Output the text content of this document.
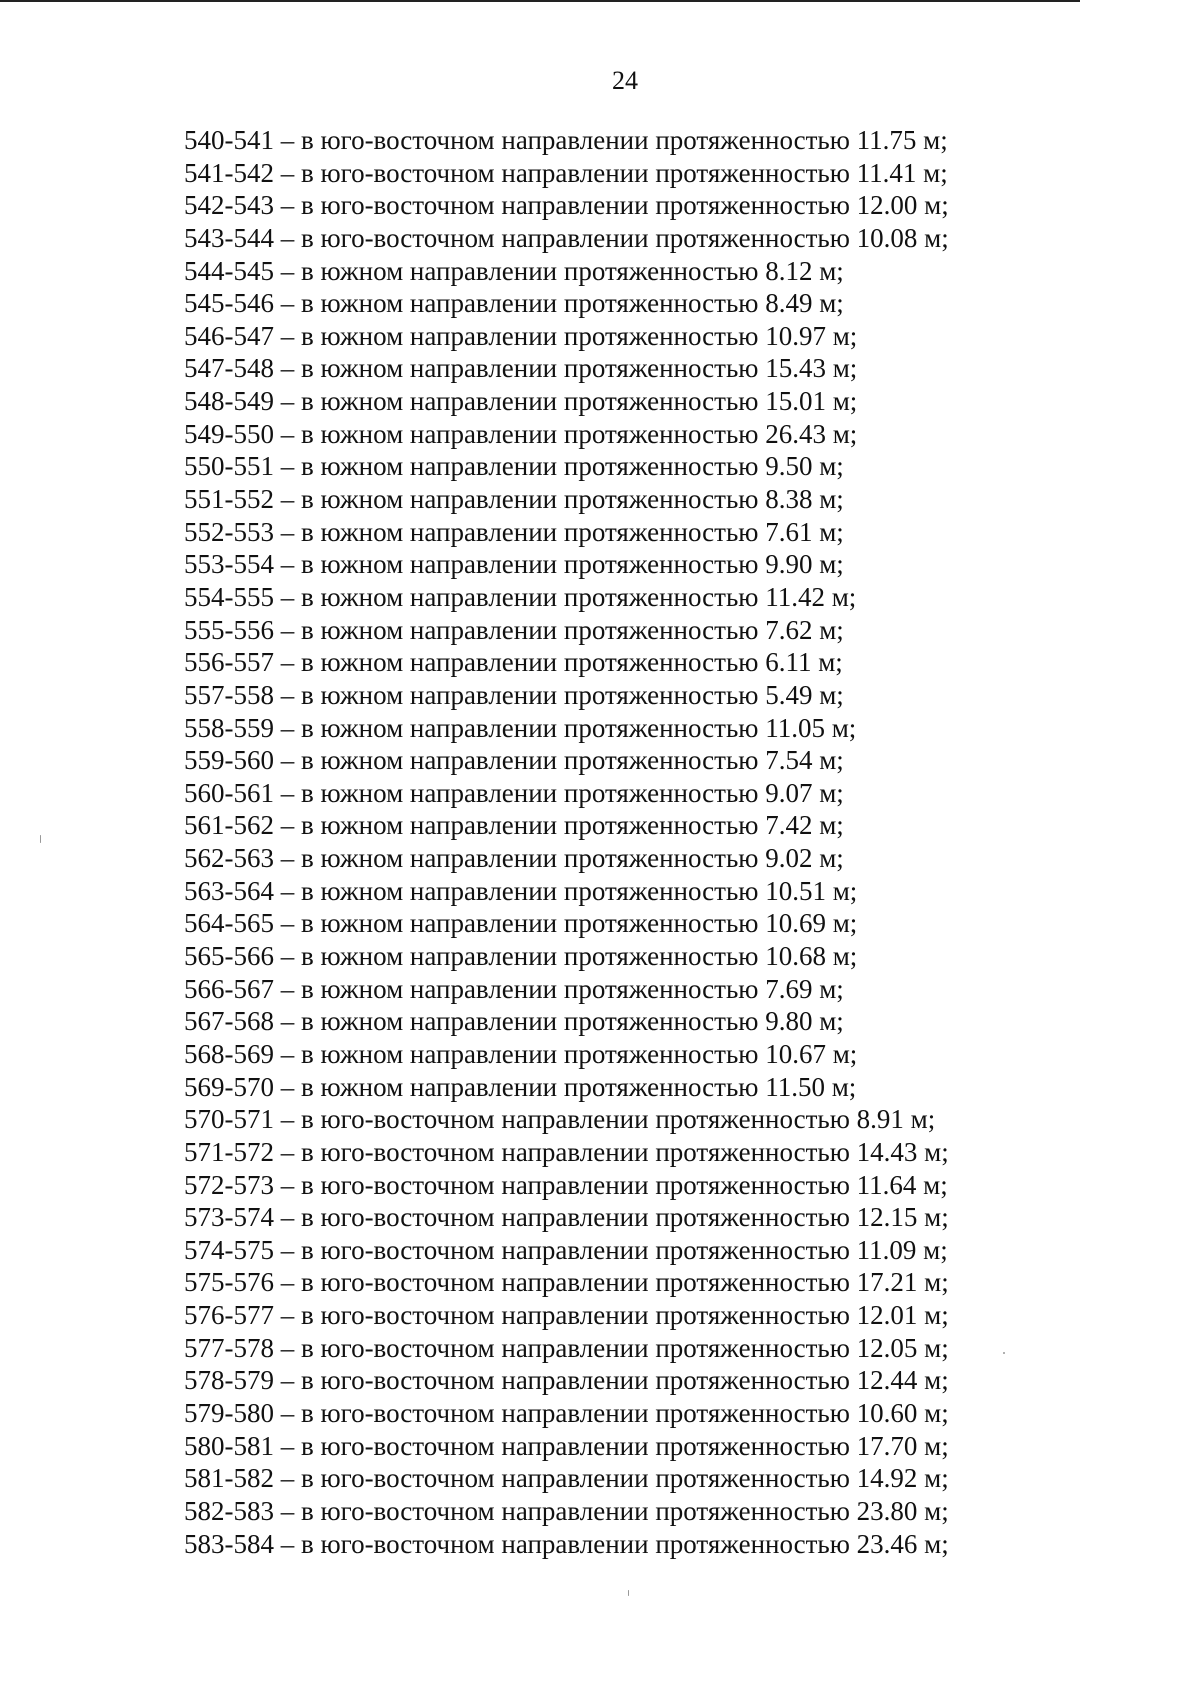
24
540-541 – в юго-восточном направлении протяженностью 11.75 м;
541-542 – в юго-восточном направлении протяженностью 11.41 м;
542-543 – в юго-восточном направлении протяженностью 12.00 м;
543-544 – в юго-восточном направлении протяженностью 10.08 м;
544-545 – в южном направлении протяженностью 8.12 м;
545-546 – в южном направлении протяженностью 8.49 м;
546-547 – в южном направлении протяженностью 10.97 м;
547-548 – в южном направлении протяженностью 15.43 м;
548-549 – в южном направлении протяженностью 15.01 м;
549-550 – в южном направлении протяженностью 26.43 м;
550-551 – в южном направлении протяженностью 9.50 м;
551-552 – в южном направлении протяженностью 8.38 м;
552-553 – в южном направлении протяженностью 7.61 м;
553-554 – в южном направлении протяженностью 9.90 м;
554-555 – в южном направлении протяженностью 11.42 м;
555-556 – в южном направлении протяженностью 7.62 м;
556-557 – в южном направлении протяженностью 6.11 м;
557-558 – в южном направлении протяженностью 5.49 м;
558-559 – в южном направлении протяженностью 11.05 м;
559-560 – в южном направлении протяженностью 7.54 м;
560-561 – в южном направлении протяженностью 9.07 м;
561-562 – в южном направлении протяженностью 7.42 м;
562-563 – в южном направлении протяженностью 9.02 м;
563-564 – в южном направлении протяженностью 10.51 м;
564-565 – в южном направлении протяженностью 10.69 м;
565-566 – в южном направлении протяженностью 10.68 м;
566-567 – в южном направлении протяженностью 7.69 м;
567-568 – в южном направлении протяженностью 9.80 м;
568-569 – в южном направлении протяженностью 10.67 м;
569-570 – в южном направлении протяженностью 11.50 м;
570-571 – в юго-восточном направлении протяженностью 8.91 м;
571-572 – в юго-восточном направлении протяженностью 14.43 м;
572-573 – в юго-восточном направлении протяженностью 11.64 м;
573-574 – в юго-восточном направлении протяженностью 12.15 м;
574-575 – в юго-восточном направлении протяженностью 11.09 м;
575-576 – в юго-восточном направлении протяженностью 17.21 м;
576-577 – в юго-восточном направлении протяженностью 12.01 м;
577-578 – в юго-восточном направлении протяженностью 12.05 м;
578-579 – в юго-восточном направлении протяженностью 12.44 м;
579-580 – в юго-восточном направлении протяженностью 10.60 м;
580-581 – в юго-восточном направлении протяженностью 17.70 м;
581-582 – в юго-восточном направлении протяженностью 14.92 м;
582-583 – в юго-восточном направлении протяженностью 23.80 м;
583-584 – в юго-восточном направлении протяженностью 23.46 м;
